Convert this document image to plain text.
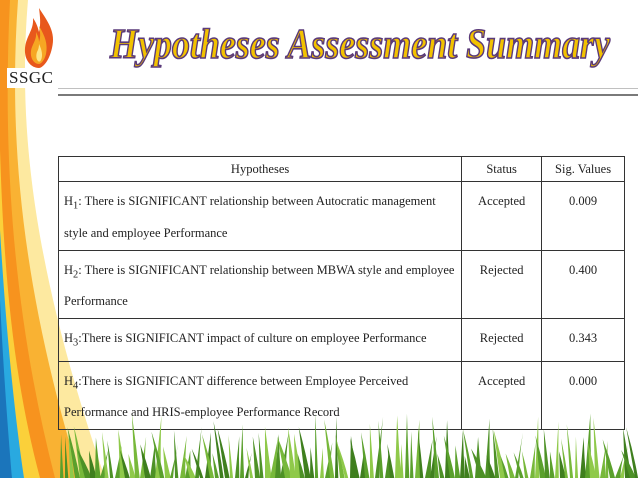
SSGC
Hypotheses Assessment Summary
Hypotheses	Status	Sig. Values
$H_1$: There is SIGNIFICANT relationship between Autocratic management style and employee Performance	Accepted	0.009
$H_2$: There is SIGNIFICANT relationship between MBWA style and employee Performance	Rejected	0.400
$H_3:There$ is SIGNIFICANT impact of culture on employee Performance	Rejected	0.343
$H_4:There$ is SIGNIFICANT difference between Employee Perceived Performance and HRIS-employee Performance Record	Accepted	0.000
